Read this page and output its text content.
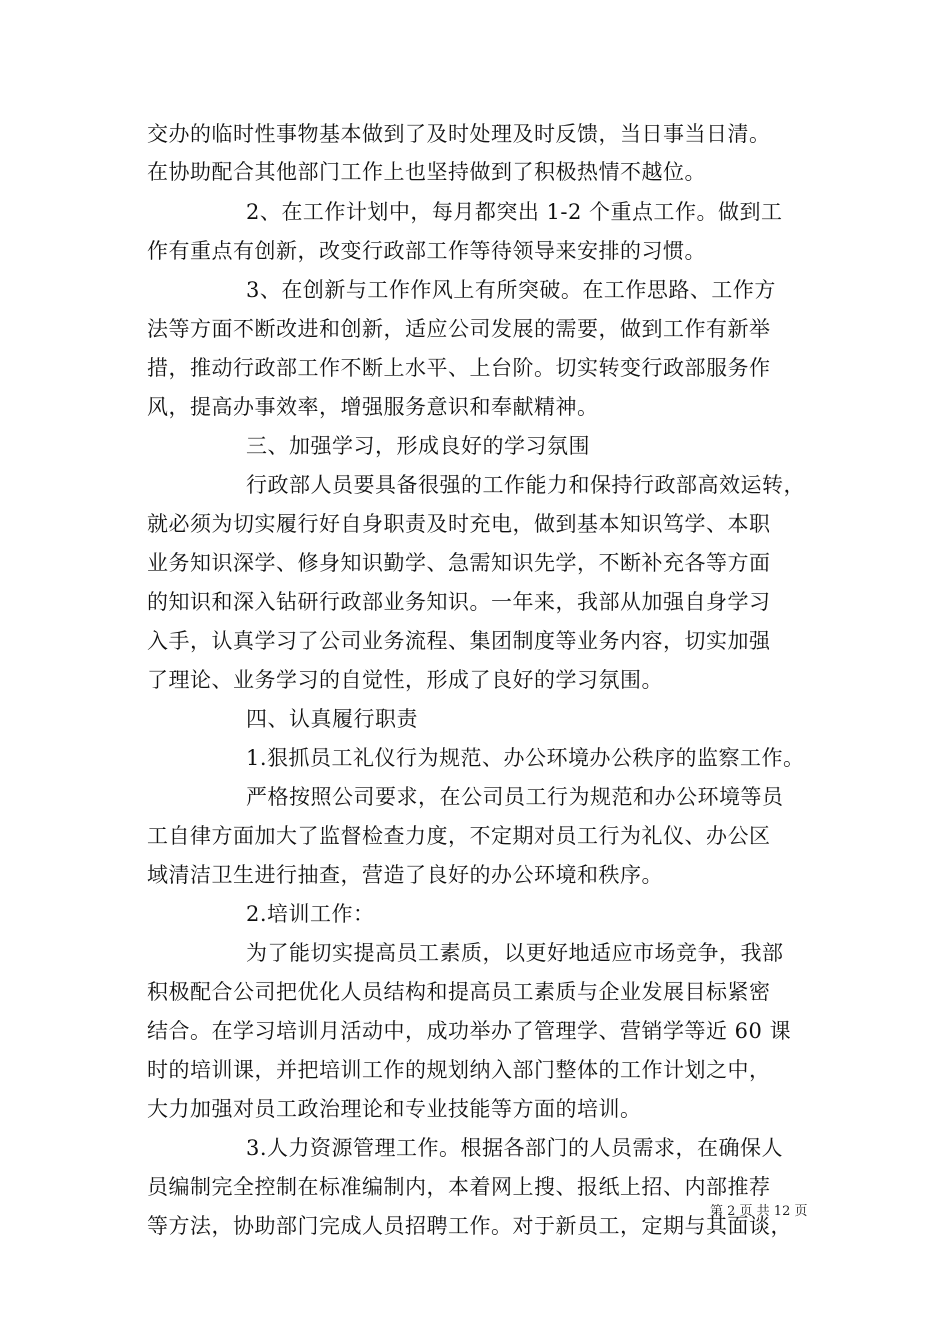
交办的临时性事物基本做到了及时处理及时反馈，当日事当日清。
在协助配合其他部门工作上也坚持做到了积极热情不越位。
2、在工作计划中，每月都突出 1-2 个重点工作。做到工
作有重点有创新，改变行政部工作等待领导来安排的习惯。
3、在创新与工作作风上有所突破。在工作思路、工作方
法等方面不断改进和创新，适应公司发展的需要，做到工作有新举
措，推动行政部工作不断上水平、上台阶。切实转变行政部服务作
风，提高办事效率，增强服务意识和奉献精神。
三、加强学习，形成良好的学习氛围
行政部人员要具备很强的工作能力和保持行政部高效运转，
就必须为切实履行好自身职责及时充电，做到基本知识笃学、本职
业务知识深学、修身知识勤学、急需知识先学，不断补充各等方面
的知识和深入钻研行政部业务知识。一年来，我部从加强自身学习
入手，认真学习了公司业务流程、集团制度等业务内容，切实加强
了理论、业务学习的自觉性，形成了良好的学习氛围。
四、认真履行职责
1.狠抓员工礼仪行为规范、办公环境办公秩序的监察工作。
严格按照公司要求，在公司员工行为规范和办公环境等员
工自律方面加大了监督检查力度，不定期对员工行为礼仪、办公区
域清洁卫生进行抽查，营造了良好的办公环境和秩序。
2.培训工作：
为了能切实提高员工素质，以更好地适应市场竞争，我部
积极配合公司把优化人员结构和提高员工素质与企业发展目标紧密
结合。在学习培训月活动中，成功举办了管理学、营销学等近 60 课
时的培训课，并把培训工作的规划纳入部门整体的工作计划之中，
大力加强对员工政治理论和专业技能等方面的培训。
3.人力资源管理工作。根据各部门的人员需求，在确保人
员编制完全控制在标准编制内，本着网上搜、报纸上招、内部推荐
等方法，协助部门完成人员招聘工作。对于新员工，定期与其面谈，
第 2 页 共 12 页
